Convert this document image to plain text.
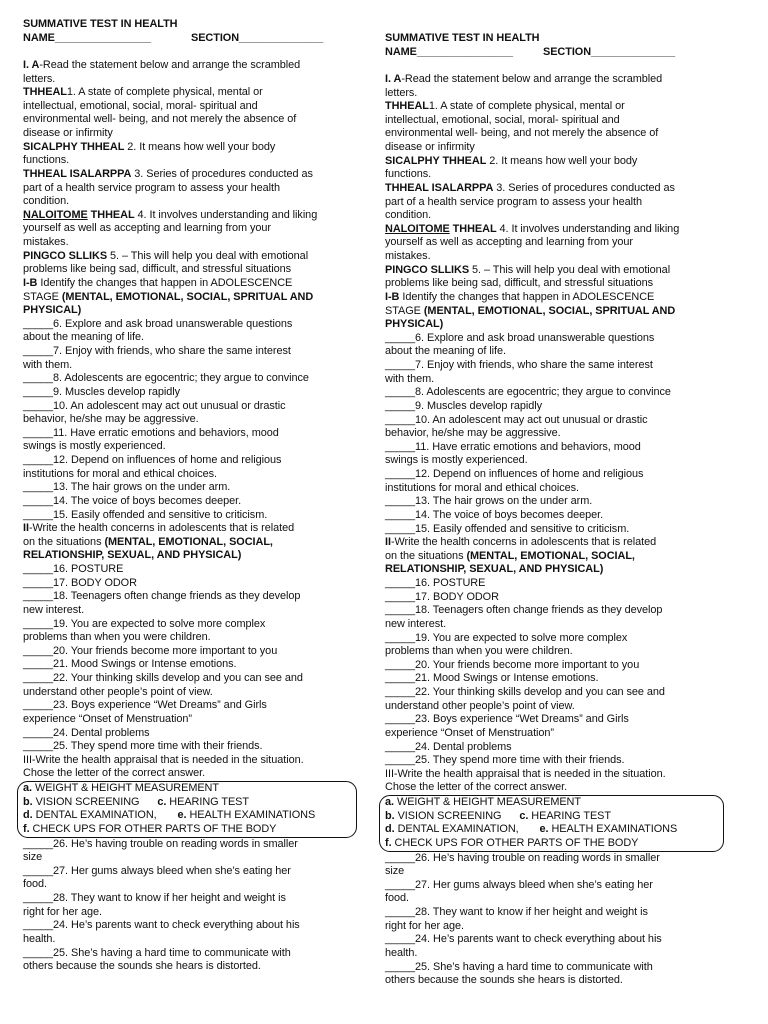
SUMMATIVE TEST IN HEALTH
NAME________________	SECTION______________

I. A-Read the statement below and arrange the scrambled
letters.
THHEAL1. A state of complete physical, mental or
intellectual, emotional, social, moral- spiritual and
environmental well- being, and not merely the absence of
disease or infirmity
SICALPHY THHEAL 2. It means how well your body
functions.
THHEAL ISALARPPA 3. Series of procedures conducted as
part of a health service program to assess your health
condition.
NALOITOME THHEAL 4. It involves understanding and liking
yourself as well as accepting and learning from your
mistakes.
PINGCO SLLIKS 5. – This will help you deal with emotional
problems like being sad, difficult, and stressful situations
I-B Identify the changes that happen in ADOLESCENCE
STAGE (MENTAL, EMOTIONAL, SOCIAL, SPRITUAL AND
PHYSICAL)
_____6. Explore and ask broad unanswerable questions
about the meaning of life.
_____7. Enjoy with friends, who share the same interest
with them.
_____8. Adolescents are egocentric; they argue to convince
_____9. Muscles develop rapidly
_____10. An adolescent may act out unusual or drastic
behavior, he/she may be aggressive.
_____11. Have erratic emotions and behaviors, mood
swings is mostly experienced.
_____12. Depend on influences of home and religious
institutions for moral and ethical choices.
_____13. The hair grows on the under arm.
_____14. The voice of boys becomes deeper.
_____15. Easily offended and sensitive to criticism.
II-Write the health concerns in adolescents that is related
on the situations (MENTAL, EMOTIONAL, SOCIAL,
RELATIONSHIP, SEXUAL, AND PHYSICAL)
_____16. POSTURE
_____17. BODY ODOR
_____18. Teenagers often change friends as they develop
new interest.
_____19. You are expected to solve more complex
problems than when you were children.
_____20. Your friends become more important to you
_____21. Mood Swings or Intense emotions.
_____22. Your thinking skills develop and you can see and
understand other people’s point of view.
_____23. Boys experience “Wet Dreams” and Girls
experience “Onset of Menstruation”
_____24. Dental problems
_____25. They spend more time with their friends.
III-Write the health appraisal that is needed in the situation.
Chose the letter of the correct answer.
a. WEIGHT & HEIGHT MEASUREMENT
b. VISION SCREENING c. HEARING TEST
d. DENTAL EXAMINATION, e. HEALTH EXAMINATIONS
f. CHECK UPS FOR OTHER PARTS OF THE BODY
_____26. He’s having trouble on reading words in smaller
size
_____27. Her gums always bleed when she’s eating her
food.
_____28. They want to know if her height and weight is
right for her age.
_____24. He’s parents want to check everything about his
health.
_____25. She’s having a hard time to communicate with
others because the sounds she hears is distorted.
SUMMATIVE TEST IN HEALTH
NAME________________	SECTION______________

I. A-Read the statement below and arrange the scrambled
letters.
THHEAL1. A state of complete physical, mental or
intellectual, emotional, social, moral- spiritual and
environmental well- being, and not merely the absence of
disease or infirmity
SICALPHY THHEAL 2. It means how well your body
functions.
THHEAL ISALARPPA 3. Series of procedures conducted as
part of a health service program to assess your health
condition.
NALOITOME THHEAL 4. It involves understanding and liking
yourself as well as accepting and learning from your
mistakes.
PINGCO SLLIKS 5. – This will help you deal with emotional
problems like being sad, difficult, and stressful situations
I-B Identify the changes that happen in ADOLESCENCE
STAGE (MENTAL, EMOTIONAL, SOCIAL, SPRITUAL AND
PHYSICAL)
_____6. Explore and ask broad unanswerable questions
about the meaning of life.
_____7. Enjoy with friends, who share the same interest
with them.
_____8. Adolescents are egocentric; they argue to convince
_____9. Muscles develop rapidly
_____10. An adolescent may act out unusual or drastic
behavior, he/she may be aggressive.
_____11. Have erratic emotions and behaviors, mood
swings is mostly experienced.
_____12. Depend on influences of home and religious
institutions for moral and ethical choices.
_____13. The hair grows on the under arm.
_____14. The voice of boys becomes deeper.
_____15. Easily offended and sensitive to criticism.
II-Write the health concerns in adolescents that is related
on the situations (MENTAL, EMOTIONAL, SOCIAL,
RELATIONSHIP, SEXUAL, AND PHYSICAL)
_____16. POSTURE
_____17. BODY ODOR
_____18. Teenagers often change friends as they develop
new interest.
_____19. You are expected to solve more complex
problems than when you were children.
_____20. Your friends become more important to you
_____21. Mood Swings or Intense emotions.
_____22. Your thinking skills develop and you can see and
understand other people’s point of view.
_____23. Boys experience “Wet Dreams” and Girls
experience “Onset of Menstruation”
_____24. Dental problems
_____25. They spend more time with their friends.
III-Write the health appraisal that is needed in the situation.
Chose the letter of the correct answer.
a. WEIGHT & HEIGHT MEASUREMENT
b. VISION SCREENING c. HEARING TEST
d. DENTAL EXAMINATION, e. HEALTH EXAMINATIONS
f. CHECK UPS FOR OTHER PARTS OF THE BODY
_____26. He’s having trouble on reading words in smaller
size
_____27. Her gums always bleed when she’s eating her
food.
_____28. They want to know if her height and weight is
right for her age.
_____24. He’s parents want to check everything about his
health.
_____25. She’s having a hard time to communicate with
others because the sounds she hears is distorted.
